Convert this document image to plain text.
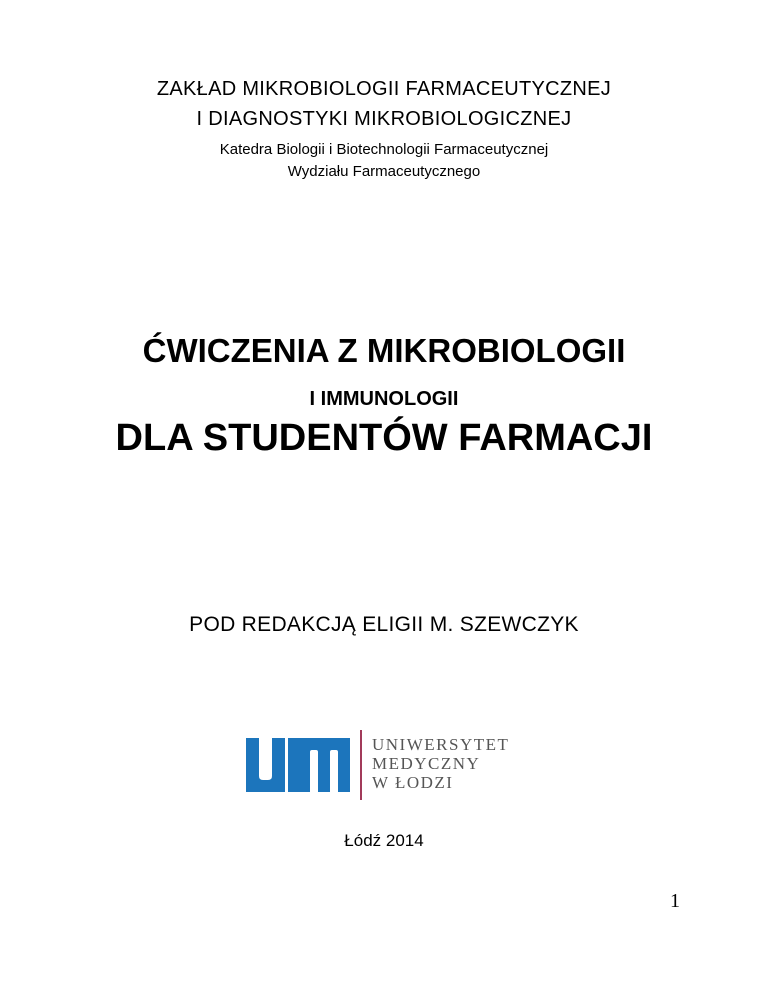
ZAKŁAD MIKROBIOLOGII FARMACEUTYCZNEJ
I DIAGNOSTYKI MIKROBIOLOGICZNEJ
Katedra Biologii i Biotechnologii Farmaceutycznej
Wydziału Farmaceutycznego
ĆWICZENIA Z MIKROBIOLOGII
I IMMUNOLOGII
DLA STUDENTÓW FARMACJI
POD REDAKCJĄ ELIGII M. SZEWCZYK
UNIWERSYTET
MEDYCZNY
W ŁODZI
Łódź 2014
1
